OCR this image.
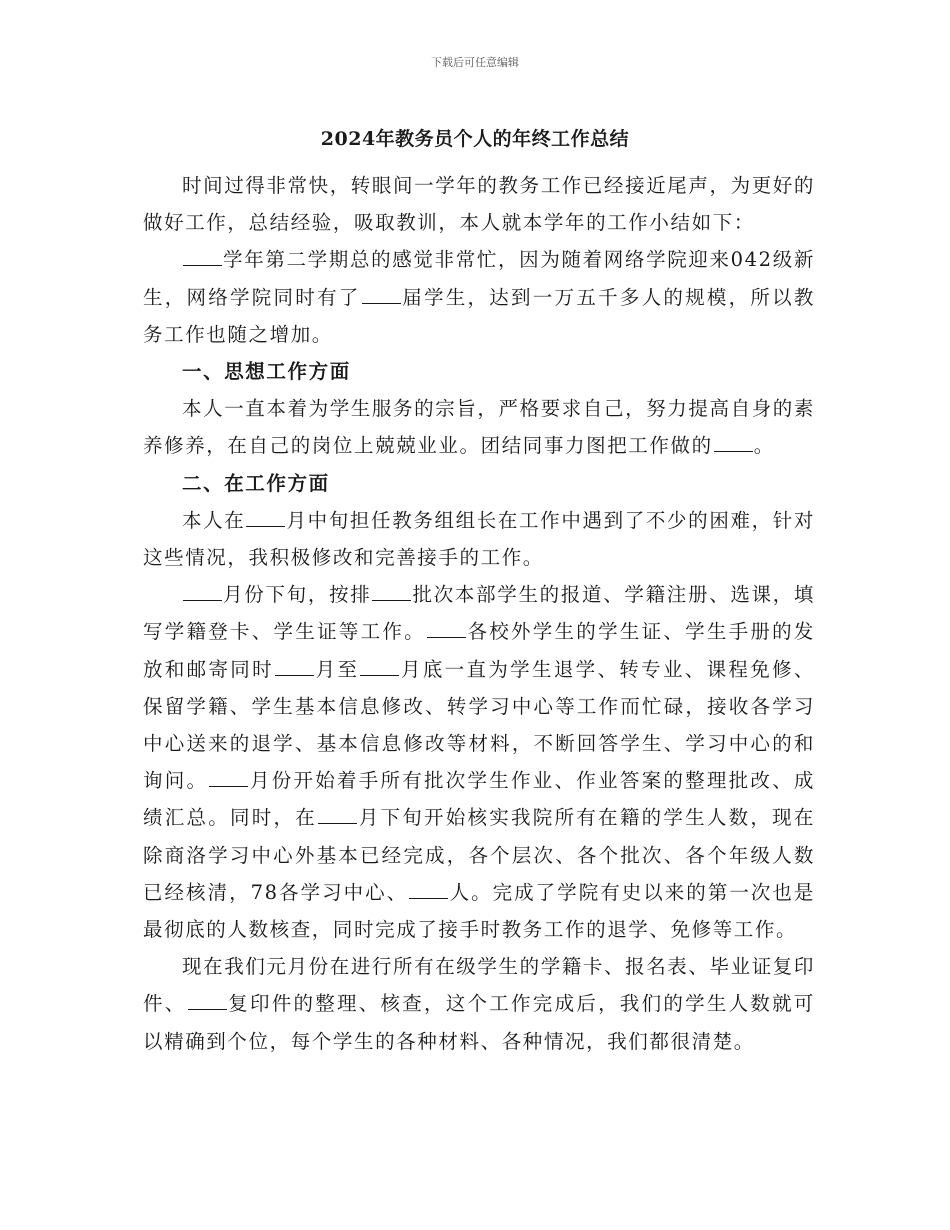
下载后可任意编辑
2024年教务员个人的年终工作总结

时间过得非常快，转眼间一学年的教务工作已经接近尾声，为更好的做好工作，总结经验，吸取教训，本人就本学年的工作小结如下：

学年第二学期总的感觉非常忙，因为随着网络学院迎来042级新生，网络学院同时有了 届学生，达到一万五千多人的规模，所以教务工作也随之增加。

一、思想工作方面

本人一直本着为学生服务的宗旨，严格要求自己，努力提高自身的素养修养，在自己的岗位上兢兢业业。团结同事力图把工作做的 。

二、在工作方面

本人在 月中旬担任教务组组长在工作中遇到了不少的困难，针对这些情况，我积极修改和完善接手的工作。

月份下旬，按排 批次本部学生的报道、学籍注册、选课，填写学籍登卡、学生证等工作。 各校外学生的学生证、学生手册的发放和邮寄同时 月至 月底一直为学生退学、转专业、课程免修、保留学籍、学生基本信息修改、转学习中心等工作而忙碌，接收各学习中心送来的退学、基本信息修改等材料，不断回答学生、学习中心的和询问。 月份开始着手所有批次学生作业、作业答案的整理批改、成绩汇总。同时，在 月下旬开始核实我院所有在籍的学生人数，现在除商洛学习中心外基本已经完成，各个层次、各个批次、各个年级人数已经核清，78各学习中心、 人。完成了学院有史以来的第一次也是最彻底的人数核查，同时完成了接手时教务工作的退学、免修等工作。

现在我们元月份在进行所有在级学生的学籍卡、报名表、毕业证复印件、 复印件的整理、核查，这个工作完成后，我们的学生人数就可以精确到个位，每个学生的各种材料、各种情况，我们都很清楚。
